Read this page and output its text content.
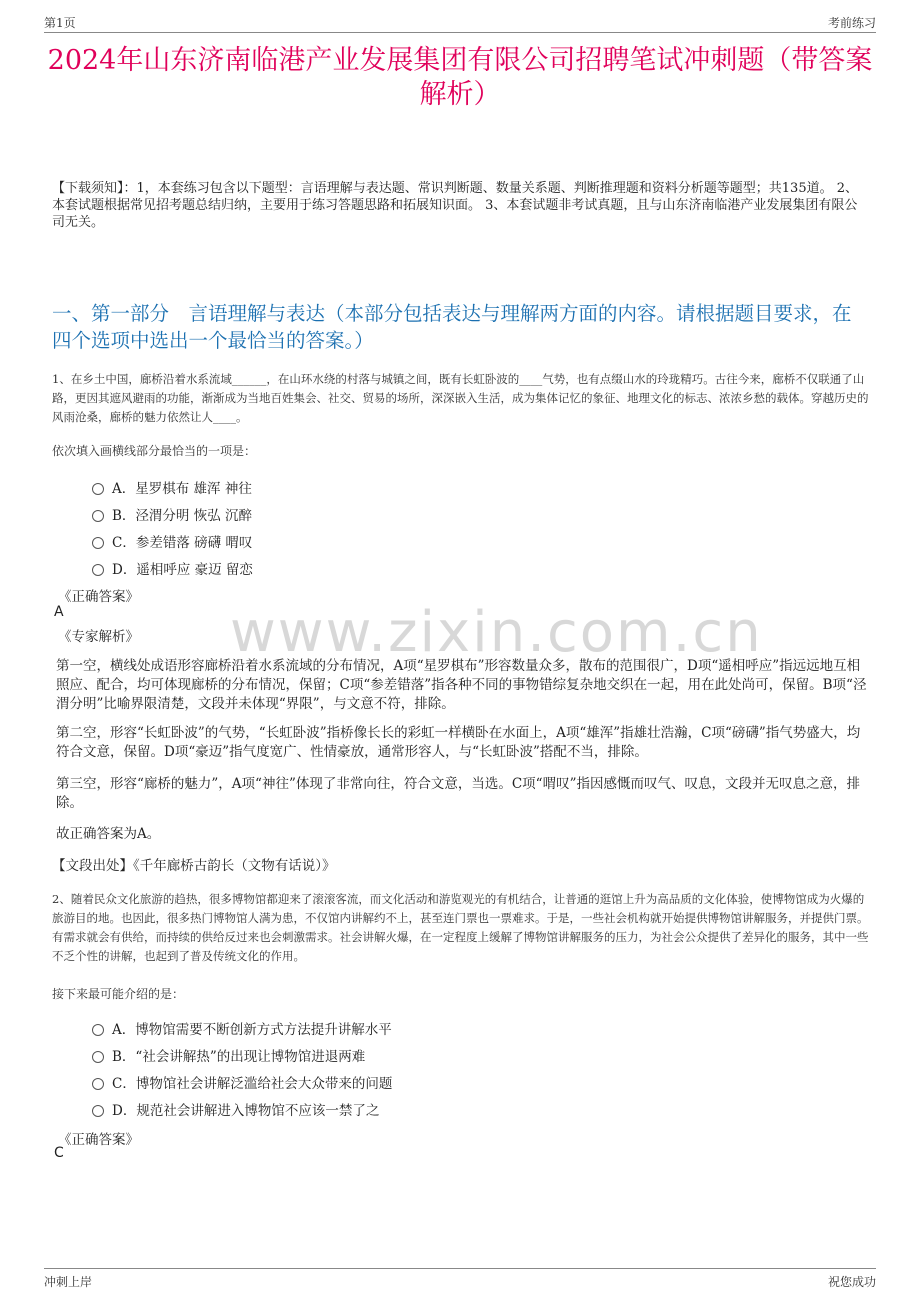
第1页	考前练习
2024年山东济南临港产业发展集团有限公司招聘笔试冲刺题（带答案解析）
【下载须知】：1，本套练习包含以下题型：言语理解与表达题、常识判断题、数量关系题、判断推理题和资料分析题等题型；共135道。 2、本套试题根据常见招考题总结归纳，主要用于练习答题思路和拓展知识面。 3、本套试题非考试真题，且与山东济南临港产业发展集团有限公司无关。
一、第一部分　言语理解与表达（本部分包括表达与理解两方面的内容。请根据题目要求，在四个选项中选出一个最恰当的答案。）
1、在乡土中国，廊桥沿着水系流域______，在山环水绕的村落与城镇之间，既有长虹卧波的____气势，也有点缀山水的玲珑精巧。古往今来，廊桥不仅联通了山路，更因其遮风避雨的功能，渐渐成为当地百姓集会、社交、贸易的场所，深深嵌入生活，成为集体记忆的象征、地理文化的标志、浓浓乡愁的载体。穿越历史的风雨沧桑，廊桥的魅力依然让人____。
依次填入画横线部分最恰当的一项是：
A．星罗棋布 雄浑 神往
B．泾渭分明 恢弘 沉醉
C．参差错落 磅礴 喟叹
D．遥相呼应 豪迈 留恋
《正确答案》
A
《专家解析》 www.zixin.com.cn
第一空，横线处成语形容廊桥沿着水系流域的分布情况，A项“星罗棋布”形容数量众多，散布的范围很广，D项“遥相呼应”指远远地互相照应、配合，均可体现廊桥的分布情况，保留；C项“参差错落”指各种不同的事物错综复杂地交织在一起，用在此处尚可，保留。B项“泾渭分明”比喻界限清楚，文段并未体现“界限”，与文意不符，排除。
第二空，形容“长虹卧波”的气势，“长虹卧波”指桥像长长的彩虹一样横卧在水面上，A项“雄浑”指雄壮浩瀚，C项“磅礴”指气势盛大，均符合文意，保留。D项“豪迈”指气度宽广、性情豪放，通常形容人，与“长虹卧波”搭配不当，排除。
第三空，形容“廊桥的魅力”，A项“神往”体现了非常向往，符合文意，当选。C项“喟叹”指因感慨而叹气、叹息，文段并无叹息之意，排除。
故正确答案为A。
【文段出处】《千年廊桥古韵长（文物有话说）》
2、随着民众文化旅游的趋热，很多博物馆都迎来了滚滚客流，而文化活动和游览观光的有机结合，让普通的逛馆上升为高品质的文化体验，使博物馆成为火爆的旅游目的地。也因此，很多热门博物馆人满为患，不仅馆内讲解约不上，甚至连门票也一票难求。于是，一些社会机构就开始提供博物馆讲解服务，并提供门票。有需求就会有供给，而持续的供给反过来也会刺激需求。社会讲解火爆，在一定程度上缓解了博物馆讲解服务的压力，为社会公众提供了差异化的服务，其中一些不乏个性的讲解，也起到了普及传统文化的作用。
接下来最可能介绍的是：
A．博物馆需要不断创新方式方法提升讲解水平
B．“社会讲解热”的出现让博物馆进退两难
C．博物馆社会讲解泛滥给社会大众带来的问题
D．规范社会讲解进入博物馆不应该一禁了之
《正确答案》
C
冲刺上岸	祝您成功
